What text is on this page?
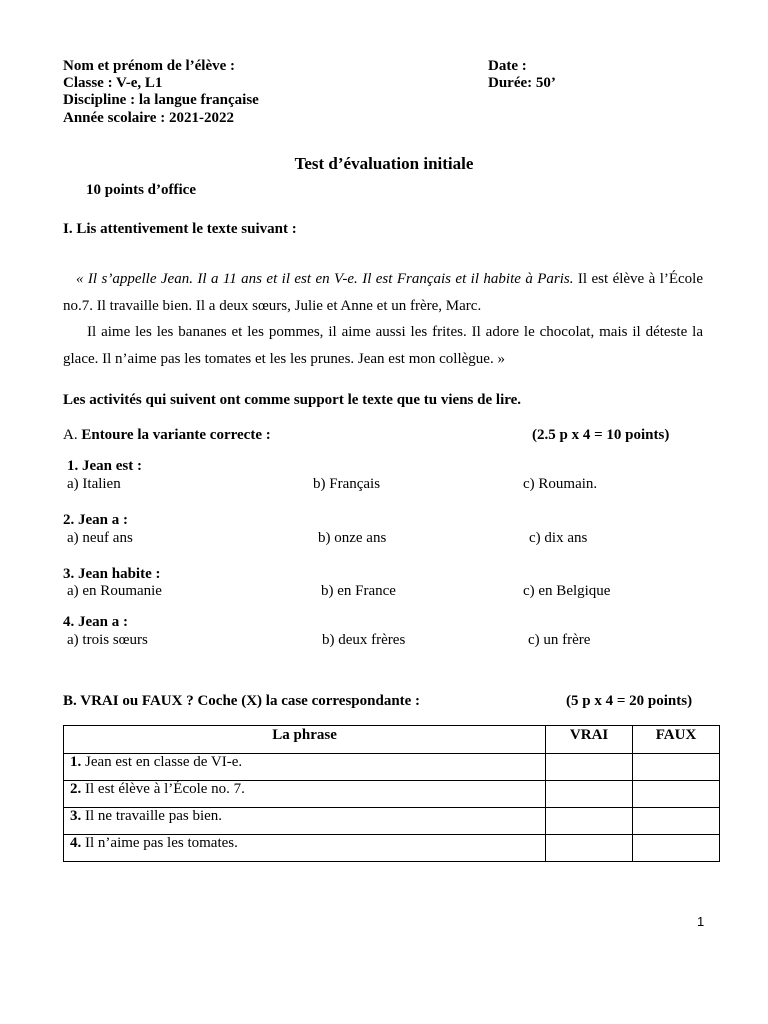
Nom et prénom de l’élève :
Classe : V-e, L1
Discipline : la langue française
Année scolaire : 2021-2022
Date :
Durée: 50’
Test d’évaluation initiale
10 points d’office
I. Lis attentivement le texte suivant :
« Il s’appelle Jean. Il a 11 ans et il est en V-e. Il est Français et il habite à Paris. Il est élève à l’École no.7. Il travaille bien. Il a deux sœurs, Julie et Anne et un frère, Marc.
Il aime les les bananes et les pommes, il aime aussi les frites. Il adore le chocolat, mais il déteste la glace. Il n’aime pas les tomates et les les prunes. Jean est mon collègue. »
Les activités qui suivent ont comme support le texte que tu viens de lire.
A. Entoure la variante correcte :	(2.5 p x 4 = 10 points)
1. Jean est :
a) Italien	b) Français	c) Roumain.
2. Jean a :
a) neuf ans	b) onze ans	c) dix ans
3. Jean habite :
a) en Roumanie	b) en France	c) en Belgique
4. Jean a :
a) trois sœurs	b) deux frères	c) un frère
B. VRAI ou FAUX ? Coche (X) la case correspondante :	(5 p x 4 = 20 points)
La phrase	VRAI	FAUX
1. Jean est en classe de VI-e.		
2. Il est élève à l’École no. 7.		
3. Il ne travaille pas bien.		
4. Il n’aime pas les tomates.		
1
